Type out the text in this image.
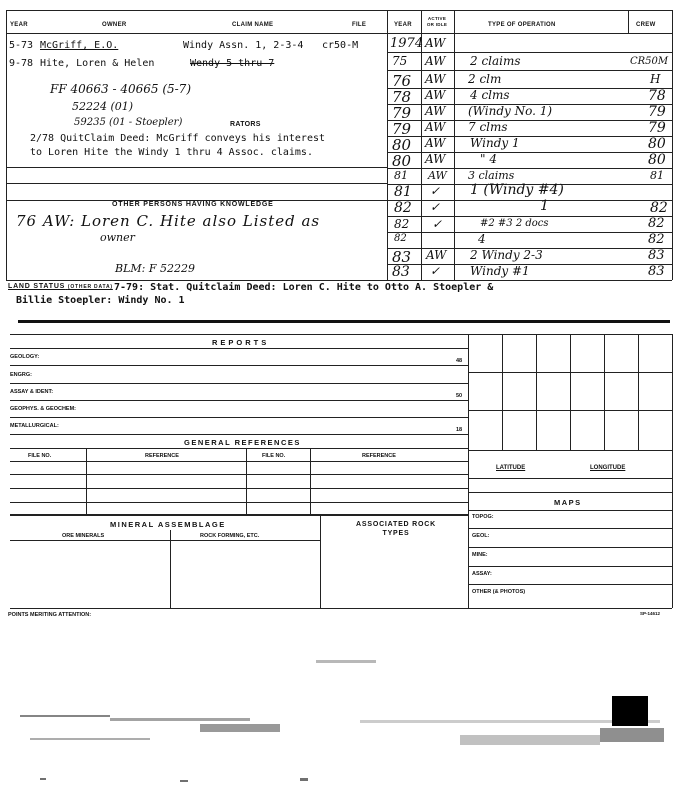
YEAR	OWNER	CLAIM NAME	FILE	YEAR
ACTIVE OR IDLE	TYPE OF OPERATION	CREW
5-73 McGriff, E.O.	Windy Assn. 1, 2-3-4 cr50-M
9-78 Hite, Loren & Helen	Wendy 5 thru 7
FF 40663 - 40665 (5-7)
52224 (01)
59235 (01 - Stoepler)	RATORS
2/78 QuitClaim Deed: McGriff conveys his interest
to Loren Hite the Windy 1 thru 4 Assoc. claims.
OTHER PERSONS HAVING KNOWLEDGE
76 AW: Loren C. Hite also Listed as
owner
BLM: F 52229
1974 AW
75 AW 2 claims	CR50M
76 AW 2 clm	H
78 AW 4 clms	78
79 AW (Windy No. 1)	79
79 AW 7 clms	79
80 AW Windy 1	80
80 AW	" 4	80
81 AW 3 claims	81
81 ✓ 1 (Windy #4)
82 ✓	1	82
82 ✓	#2 #3 2 docs	82
82	4	82
83 AW 2 Windy 2-3	83
83 ✓ Windy #1	83
LAND STATUS (OTHER DATA) 7-79: Stat. Quitclaim Deed: Loren C. Hite to Otto A. Stoepler &
Billie Stoepler: Windy No. 1
REPORTS
GEOLOGY:
48
ENGRG:
ASSAY & IDENT:
50
GEOPHYS. & GEOCHEM:
METALLURGICAL:
18
GENERAL REFERENCES
FILE NO.	REFERENCE	FILE NO.	REFERENCE
MINERAL ASSEMBLAGE
ORE MINERALS	ROCK FORMING, ETC.
ASSOCIATED ROCK TYPES
LATITUDE	LONGITUDE
MAPS
TOPOG:
GEOL:
MINE:
ASSAY:
OTHER (& PHOTOS)
POINTS MERITING ATTENTION:	SP-14612
